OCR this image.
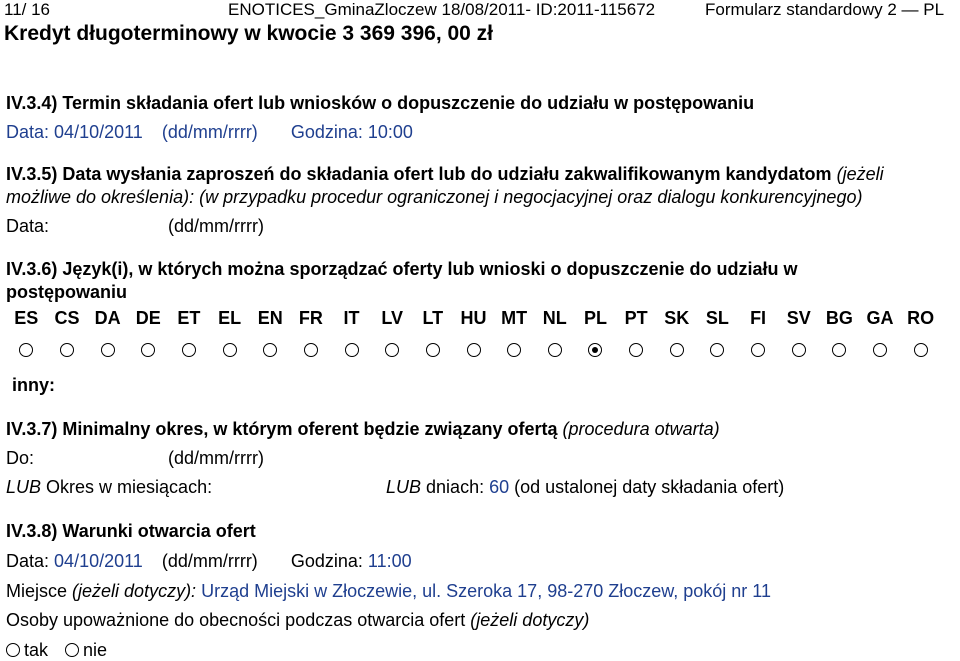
11/ 16	ENOTICES_GminaZloczew 18/08/2011- ID:2011-115672	Formularz standardowy 2 — PL
Kredyt długoterminowy w kwocie 3 369 396, 00 zł
IV.3.4) Termin składania ofert lub wniosków o dopuszczenie do udziału w postępowaniu
Data: 04/10/2011 (dd/mm/rrrr) Godzina: 10:00
IV.3.5) Data wysłania zaproszeń do składania ofert lub do udziału zakwalifikowanym kandydatom (jeżeli
możliwe do określenia): (w przypadku procedur ograniczonej i negocjacyjnej oraz dialogu konkurencyjnego)
Data:	(dd/mm/rrrr)
IV.3.6) Język(i), w których można sporządzać oferty lub wnioski o dopuszczenie do udziału w
postępowaniu
ES CS DA DE ET EL EN FR	IT	LV	LT HU MT NL PL PT SK SL	FI	SV BG GA RO
inny:
IV.3.7) Minimalny okres, w którym oferent będzie związany ofertą (procedura otwarta)
Do:	(dd/mm/rrrr)
LUB Okres w miesiącach:	LUB dniach: 60 (od ustalonej daty składania ofert)
IV.3.8) Warunki otwarcia ofert
Data: 04/10/2011 (dd/mm/rrrr) Godzina: 11:00
Miejsce (jeżeli dotyczy): Urząd Miejski w Złoczewie, ul. Szeroka 17, 98-270 Złoczew, pokój nr 11
Osoby upoważnione do obecności podczas otwarcia ofert (jeżeli dotyczy)
tak nie
